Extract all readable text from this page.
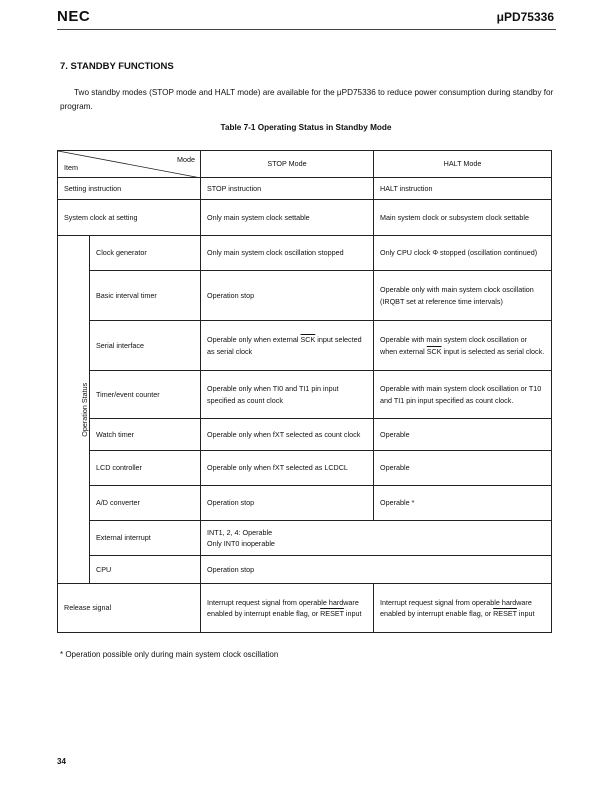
NEC	μPD75336
7. STANDBY FUNCTIONS
Two standby modes (STOP mode and HALT mode) are available for the μPD75336 to reduce power consumption during standby for program.
Table 7-1 Operating Status in Standby Mode
Mode
Item		STOP Mode	HALT Mode
Setting instruction		STOP instruction	HALT instruction
System clock at setting		Only main system clock settable	Main system clock or subsystem clock settable
Operation Status	Clock generator	Only main system clock oscillation stopped	Only CPU clock Φ stopped (oscillation continued)
	Basic interval timer	Operation stop	Operable only with main system clock oscillation (IRQBT set at reference time intervals)
	Serial interface	Operable only when external $\overline{SCK}$ input selected as serial clock	Operable with main system clock oscillation or when external $\overline{SCK}$ input is selected as serial clock.
	Timer/event counter	Operable only when TI0 and TI1 pin input specified as count clock	Operable with main system clock oscillation or T10 and TI1 pin input specified as count clock.
	Watch timer	Operable only when fXT selected as count clock	Operable
	LCD controller	Operable only when fXT selected as LCDCL	Operable
	A/D converter	Operation stop	Operable *
	External interrupt	INT1, 2, 4: Operable
Only INT0 inoperable	

	CPU	Operation stop	
Release signal		Interrupt request signal from operable hardware enabled by interrupt enable flag, or RESET input	Interrupt request signal from operable hardware enabled by interrupt enable flag, or RESET input
* Operation possible only during main system clock oscillation
34
